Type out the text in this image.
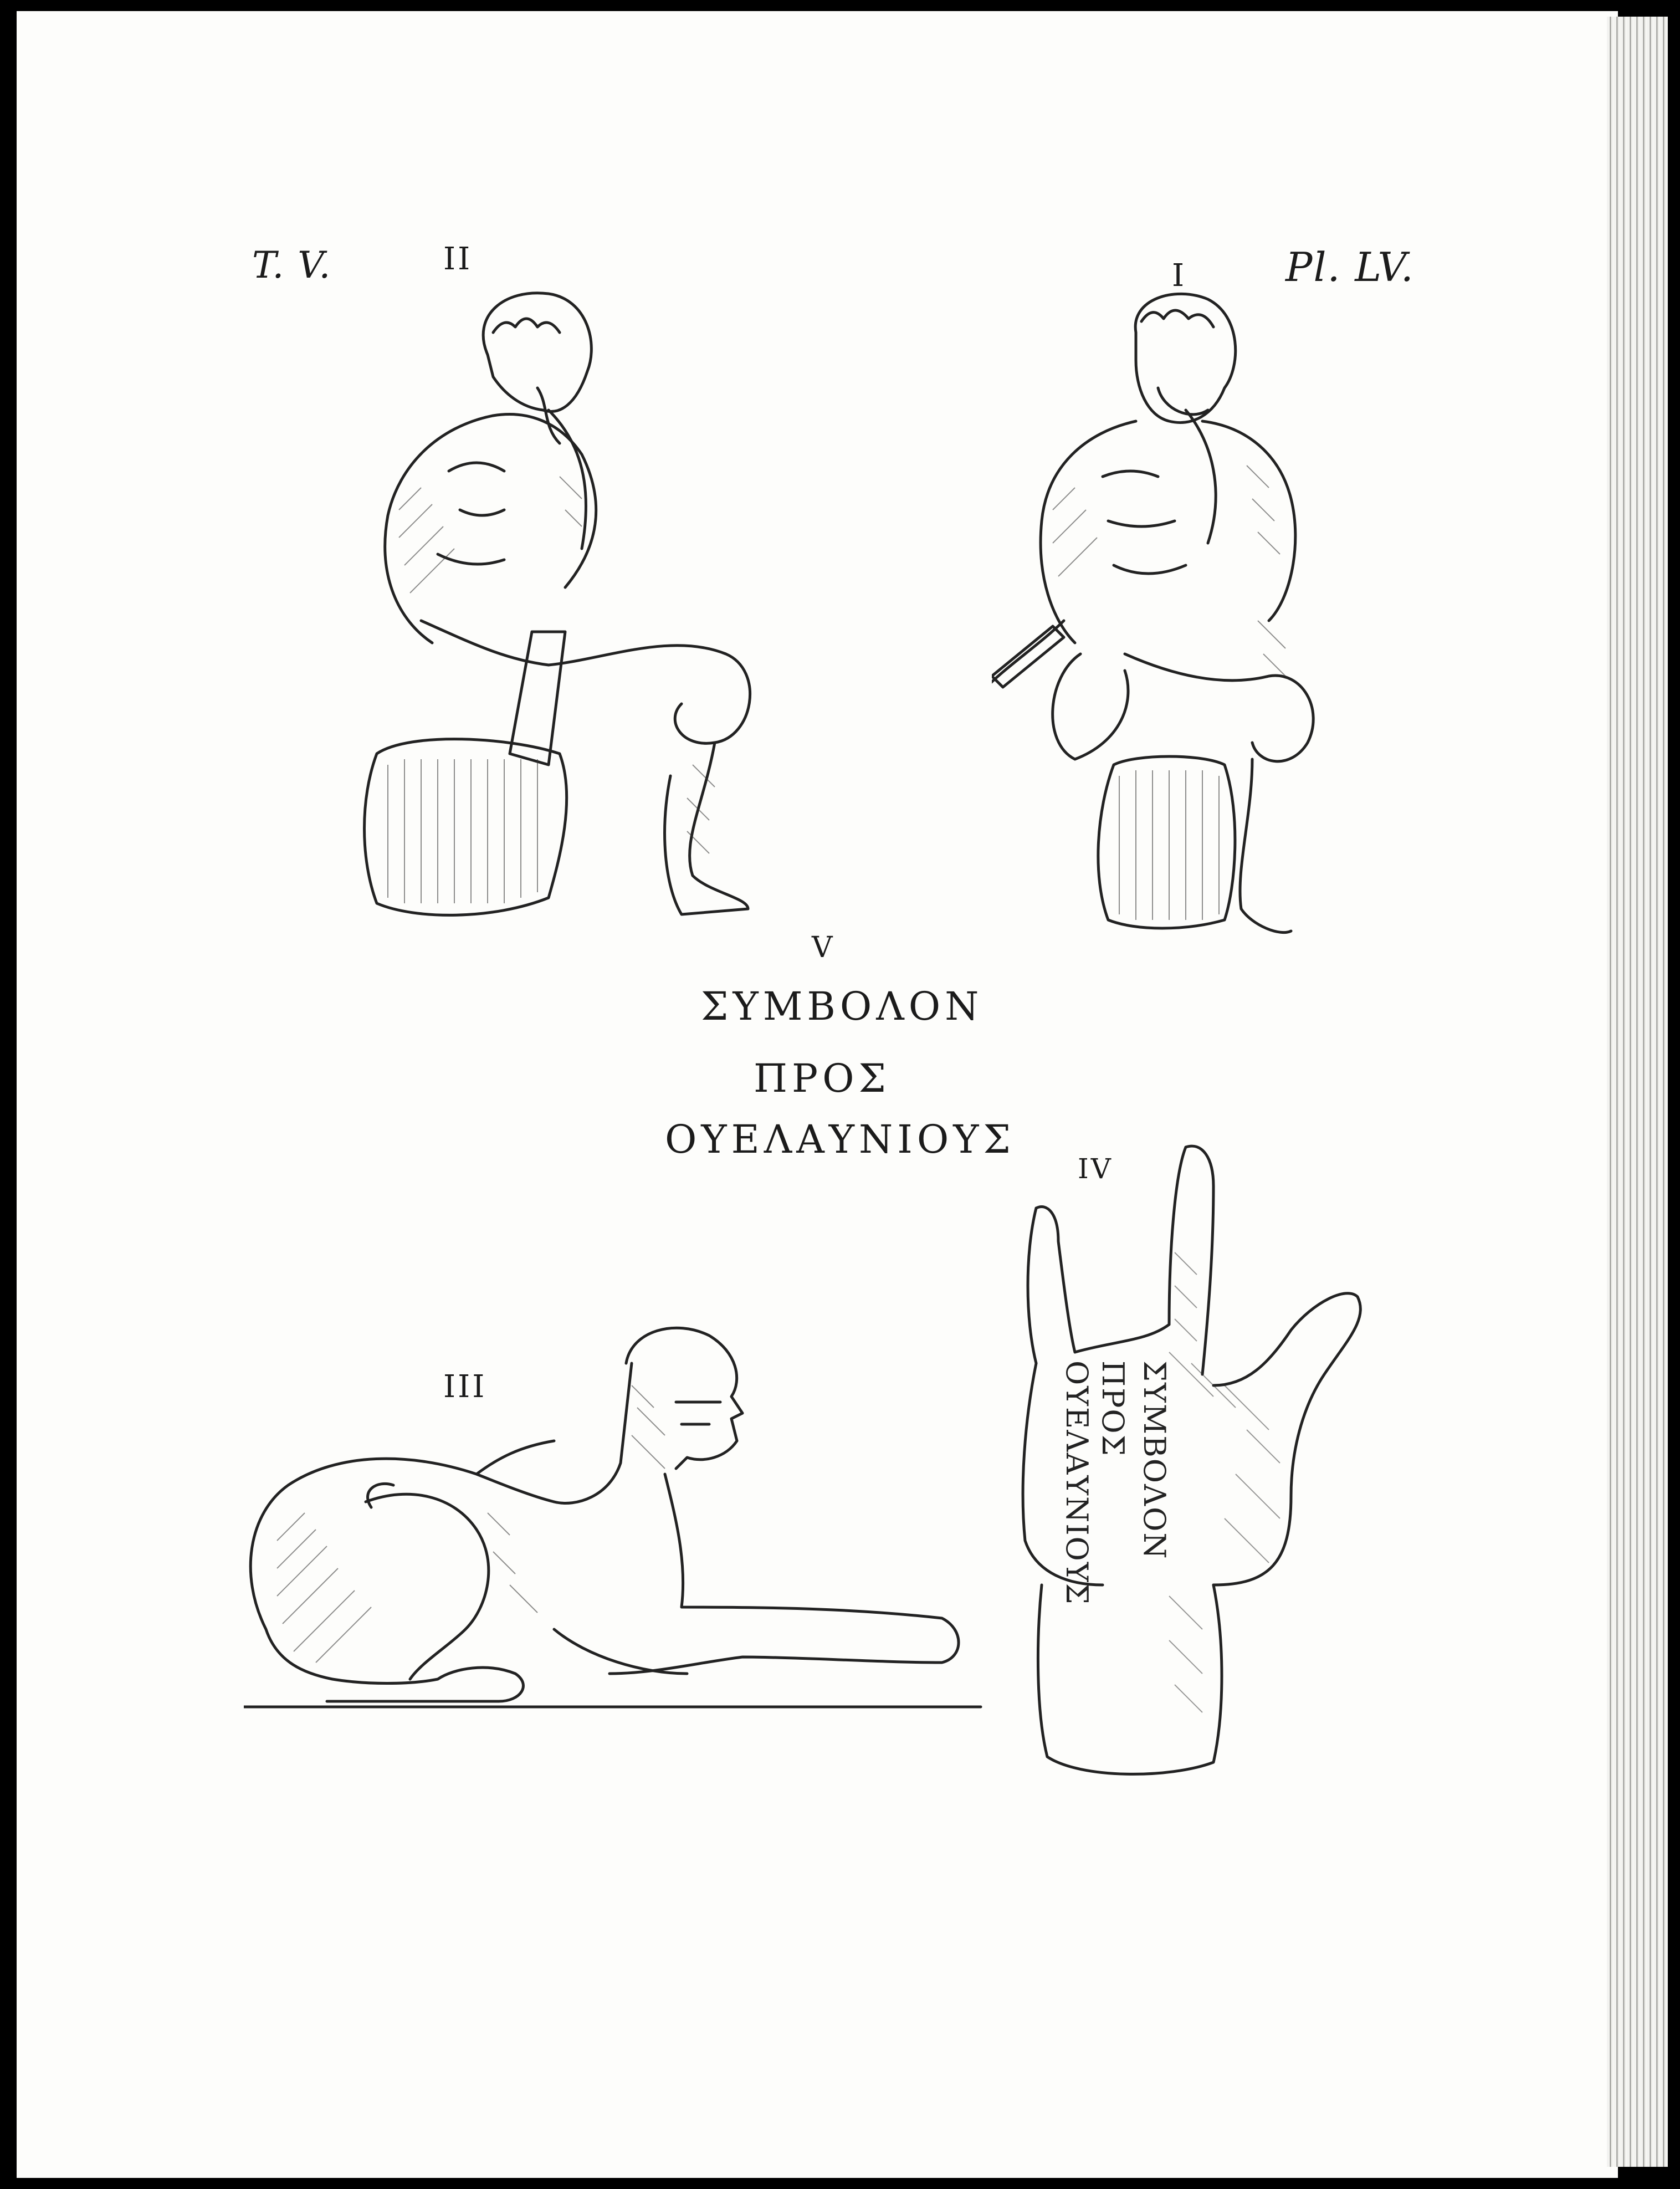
T. V.	Pl. LV.
II	I
V
IV
III
ΣΥΜΒΟΛΟΝ
ΠΡΟΣ
ΟΥΕΛΑΥΝΙΟΥΣ
ΣΥΜΒΟΛΟΝ
ΠΡΟΣ
ΟΥΕΛΑΥΝΙΟΥΣ
